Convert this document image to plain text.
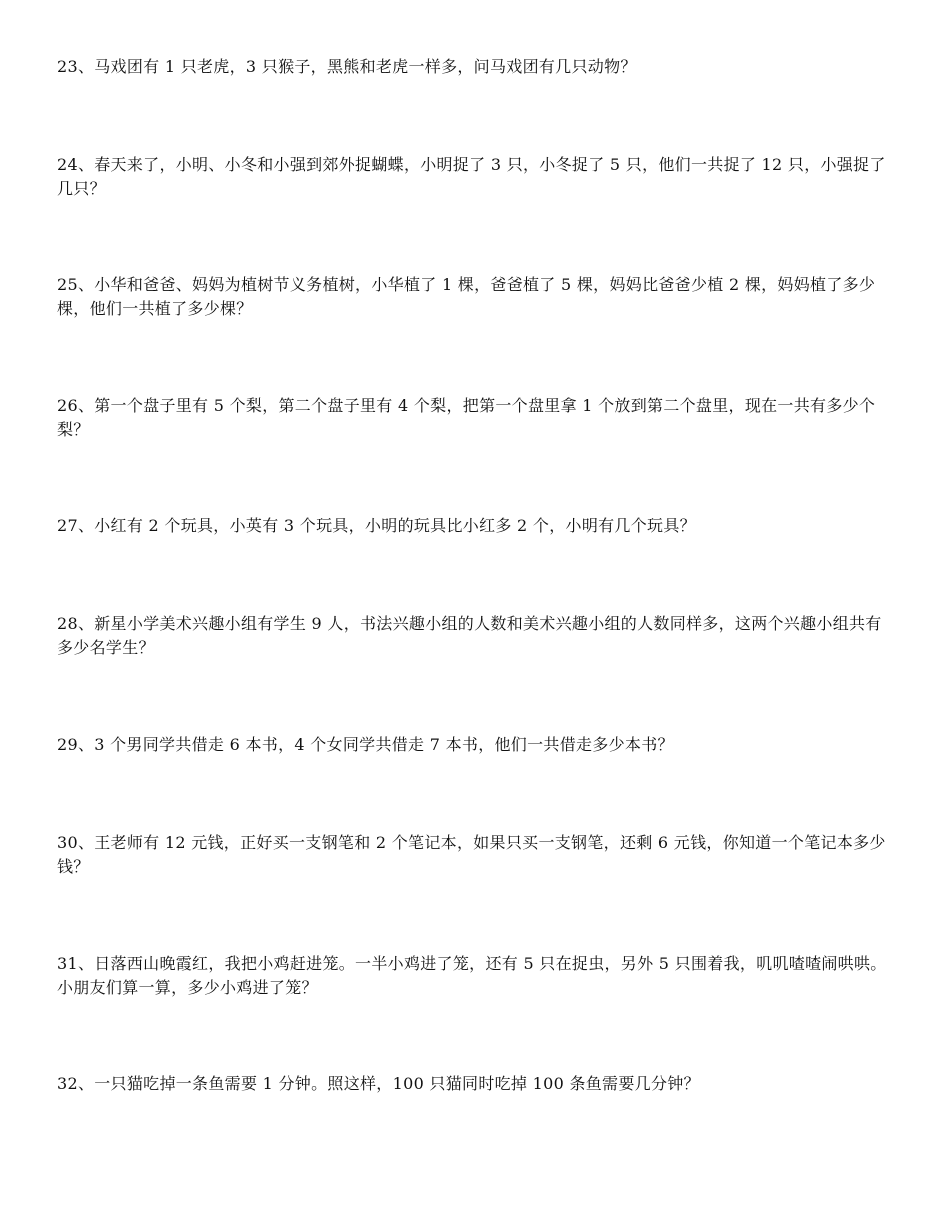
23、马戏团有 1 只老虎，3 只猴子，黑熊和老虎一样多，问马戏团有几只动物？

24、春天来了，小明、小冬和小强到郊外捉蝴蝶，小明捉了 3 只，小冬捉了 5 只，他们一共捉了 12 只，小强捉了几只？

25、小华和爸爸、妈妈为植树节义务植树，小华植了 1 棵，爸爸植了 5 棵，妈妈比爸爸少植 2 棵，妈妈植了多少棵，他们一共植了多少棵？

26、第一个盘子里有 5 个梨，第二个盘子里有 4 个梨，把第一个盘里拿 1 个放到第二个盘里，现在一共有多少个梨？

27、小红有 2 个玩具，小英有 3 个玩具，小明的玩具比小红多 2 个，小明有几个玩具？

28、新星小学美术兴趣小组有学生 9 人，书法兴趣小组的人数和美术兴趣小组的人数同样多，这两个兴趣小组共有多少名学生？

29、3 个男同学共借走 6 本书，4 个女同学共借走 7 本书，他们一共借走多少本书？

30、王老师有 12 元钱，正好买一支钢笔和 2 个笔记本，如果只买一支钢笔，还剩 6 元钱，你知道一个笔记本多少钱？

31、日落西山晚霞红，我把小鸡赶进笼。一半小鸡进了笼，还有 5 只在捉虫，另外 5 只围着我，叽叽喳喳闹哄哄。小朋友们算一算，多少小鸡进了笼？

32、一只猫吃掉一条鱼需要 1 分钟。照这样，100 只猫同时吃掉 100 条鱼需要几分钟？
